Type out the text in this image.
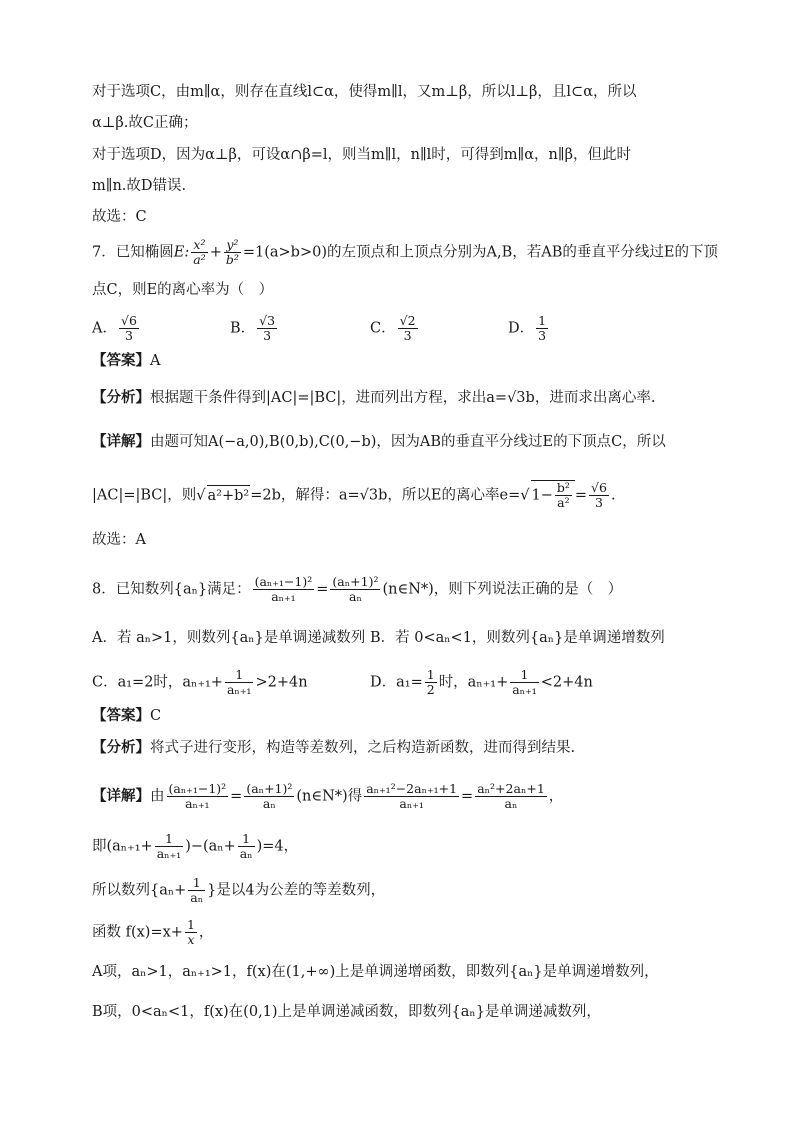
对于选项C，由m∥α，则存在直线l⊂α，使得m∥l，又m⊥β，所以l⊥β，且l⊂α，所以
α⊥β.故C正确；
对于选项D，因为α⊥β，可设α∩β=l，则当m∥l，n∥l时，可得到m∥α，n∥β，但此时
m∥n.故D错误.
故选：C
7．已知椭圆E: $\frac{\text{x²}}{\text{a²}} + \frac{\text{y²}}{\text{b²}} =1(a>b>0)$的左顶点和上顶点分别为A,B，若AB的垂直平分线过E的下顶
点C，则E的离心率为（　）
A． $\frac{√6}{3}$	B． $\frac{√3}{3}$	C． $\frac{√2}{3}$	D． $\frac{1}{3}$
【答案】A
【分析】根据题干条件得到|AC|=|BC|，进而列出方程，求出a=√3b，进而求出离心率.
【详解】由题可知A(−a,0),B(0,b),C(0,−b)，因为AB的垂直平分线过E的下顶点C，所以
|AC|=|BC|，则√ a²+b²=2b，解得：a=√3b，所以E的离心率e=√ $1- \frac{\text{b²}}{\text{a²}} = \frac{√6}{3}$ .
故选：A
8．已知数列{aₙ}满足： $\frac{\text{(aₙ₊₁−1)²}}{\text{aₙ₊₁}} = \frac{\text{(aₙ+1)²}}{\text{aₙ}}$ (n∈N*)，则下列说法正确的是（　）
A．若 aₙ>1，则数列{aₙ}是单调递减数列 B．若 0<aₙ<1，则数列{aₙ}是单调递增数列
C．a₁=2时，$a_{n+1}+ \frac{1}{\text{aₙ₊₁}} >2+4n$	D．$a_1= \frac{1}{2}$ 时，$a_{n+1}+ \frac{1}{\text{aₙ₊₁}} <2+4n$
【答案】C
【分析】将式子进行变形，构造等差数列，之后构造新函数，进而得到结果.
【详解】由 $\frac{\text{(aₙ₊₁−1)²}}{\text{aₙ₊₁}} = \frac{\text{(aₙ+1)²}}{\text{aₙ}}$ (n∈N*)得 $\frac{\text{aₙ₊₁²−2aₙ₊₁+1}}{\text{aₙ₊₁}} = \frac{\text{aₙ²+2aₙ+1}}{\text{aₙ}}$ ，
即$(a_{n+1}+ \frac{1}{\text{aₙ₊₁}} )-(a_n+ \frac{1}{\text{aₙ}} )=4$，
所以数列{$a_n+ \frac{1}{\text{aₙ}}$ }是以4为公差的等差数列，
函数 $f(x)=x+ \frac{1}{x}$ ，
A项，aₙ>1，aₙ₊₁>1，f(x)在(1,+∞)上是单调递增函数，即数列{aₙ}是单调递增数列，
B项，0<aₙ<1，f(x)在(0,1)上是单调递减函数，即数列{aₙ}是单调递减数列，
